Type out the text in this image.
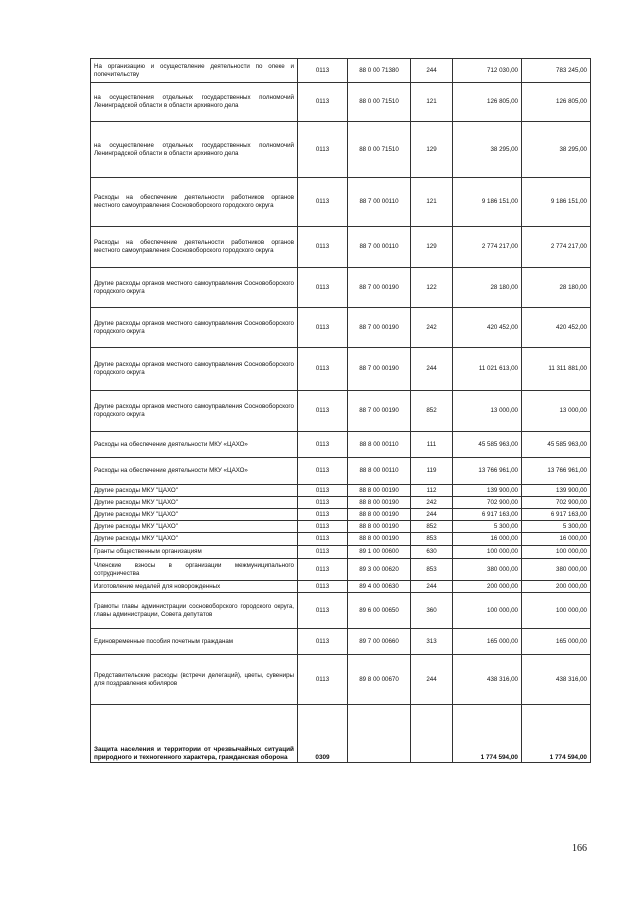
На организацию и осуществление деятельности по опеке и попечительству	0113	88 0 00 71380	244	712 030,00	783 245,00
на осуществления отдельных государственных полномочий Ленинградской области в области архивного дела	0113	88 0 00 71510	121	126 805,00	126 805,00
на осуществление отдельных государственных полномочий Ленинградской области в области архивного дела	0113	88 0 00 71510	129	38 295,00	38 295,00
Расходы на обеспечение деятельности работников органов местного самоуправления Сосновоборского городского округа	0113	88 7 00 00110	121	9 186 151,00	9 186 151,00
Расходы на обеспечение деятельности работников органов местного самоуправления Сосновоборского городского округа	0113	88 7 00 00110	129	2 774 217,00	2 774 217,00
Другие расходы органов местного самоуправления Сосновоборского городского округа	0113	88 7 00 00190	122	28 180,00	28 180,00
Другие расходы органов местного самоуправления Сосновоборского городского округа	0113	88 7 00 00190	242	420 452,00	420 452,00
Другие расходы органов местного самоуправления Сосновоборского городского округа	0113	88 7 00 00190	244	11 021 613,00	11 311 881,00
Другие расходы органов местного самоуправления Сосновоборского городского округа	0113	88 7 00 00190	852	13 000,00	13 000,00
Расходы на обеспечение деятельности МКУ «ЦАХО»	0113	88 8 00 00110	111	45 585 963,00	45 585 963,00
Расходы на обеспечение деятельности МКУ «ЦАХО»	0113	88 8 00 00110	119	13 766 961,00	13 766 961,00
Другие расходы МКУ "ЦАХО"	0113	88 8 00 00190	112	139 900,00	139 900,00
Другие расходы МКУ "ЦАХО"	0113	88 8 00 00190	242	702 900,00	702 900,00
Другие расходы МКУ "ЦАХО"	0113	88 8 00 00190	244	6 917 163,00	6 917 163,00
Другие расходы МКУ "ЦАХО"	0113	88 8 00 00190	852	5 300,00	5 300,00
Другие расходы МКУ "ЦАХО"	0113	88 8 00 00190	853	16 000,00	16 000,00
Гранты общественным организациям	0113	89 1 00 00600	630	100 000,00	100 000,00
Членские взносы в организации межмуниципального сотрудничества	0113	89 3 00 00620	853	380 000,00	380 000,00
Изготовление медалей для новорожденных	0113	89 4 00 00630	244	200 000,00	200 000,00
Грамоты главы администрации сосновоборского городского округа, главы администрации, Совета депутатов	0113	89 6 00 00650	360	100 000,00	100 000,00
Единовременные пособия почетным гражданам	0113	89 7 00 00660	313	165 000,00	165 000,00
Представительские расходы (встречи делегаций), цветы, сувениры для поздравления юбиляров	0113	89 8 00 00670	244	438 316,00	438 316,00
Защита населения и территории от чрезвычайных ситуаций природного и техногенного характера, гражданская оборона	0309			1 774 594,00	1 774 594,00
166
